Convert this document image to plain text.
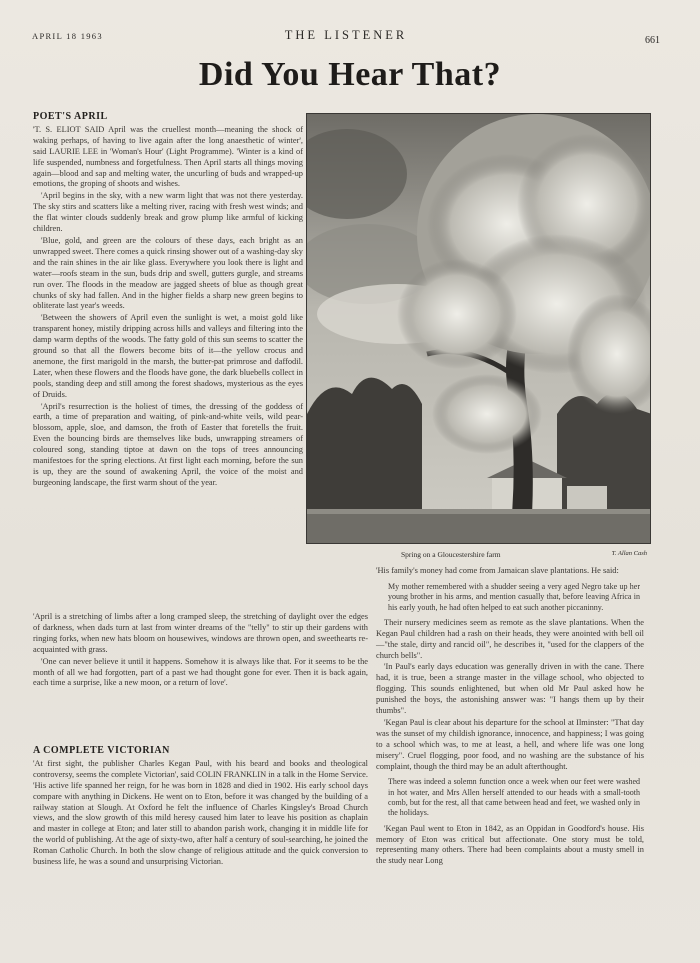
APRIL 18 1963	THE LISTENER	661
Did You Hear That?
POET'S APRIL

'T. S. ELIOT SAID April was the cruellest month—meaning the shock of waking perhaps, of having to live again after the long anaesthetic of winter', said LAURIE LEE in 'Woman's Hour' (Light Programme). 'Winter is a kind of life suspended, numbness and forgetfulness. Then April starts all things moving again—blood and sap and melting water, the uncurling of buds and wrapped-up emotions, the groping of shoots and wishes.

'April begins in the sky, with a new warm light that was not there yesterday. The sky stirs and scatters like a melting river, racing with fresh west winds; and the flat winter clouds suddenly break and grow plump like armful of kicking children.

'Blue, gold, and green are the colours of these days, each bright as an unwrapped sweet. There comes a quick rinsing shower out of a washing-day sky and the rain shines in the air like glass. Everywhere you look there is light and water—roofs steam in the sun, buds drip and swell, gutters gurgle, and streams run over. The floods in the meadow are jagged sheets of blue as though great chunks of sky had fallen. And in the higher fields a sharp new green begins to obliterate last year's weeds.

'Between the showers of April even the sunlight is wet, a moist gold like transparent honey, mistily dripping across hills and valleys and filtering into the damp warm depths of the woods. The fatty gold of this sun seems to scatter the ground so that all the flowers become bits of it—the yellow crocus and anemone, the first marigold in the marsh, the butter-pat primrose and daffodil. Later, when these flowers and the floods have gone, the dark bluebells collect in pools, standing deep and still among the forest shadows, mysterious as the eyes of Druids.

'April's resurrection is the holiest of times, the dressing of the goddess of earth, a time of preparation and waiting, of pink-and-white veils, wild pear-blossom, apple, sloe, and damson, the froth of Easter that foretells the fruit. Even the bouncing birds are themselves like buds, unwrapping streamers of coloured song, standing tiptoe at dawn on the tops of trees announcing manifestoes for the spring elections. At first light each morning, before the sun is up, they are the sound of awakening April, the voice of the moist and burgeoning landscape, the first warm shout of the year.

'April is a stretching of limbs after a long cramped sleep, the stretching of daylight over the edges of darkness, when dads turn at last from winter dreams of the "telly" to stir up their gardens with ringing forks, when new hats bloom on housewives, windows are thrown open, and sweethearts re-acquainted with grass.

'One can never believe it until it happens. Somehow it is always like that. For it seems to be the month of all we had forgotten, part of a past we had thought gone for ever. Then it is back again, each time a surprise, like a new moon, or a return of love'.

A COMPLETE VICTORIAN

'At first sight, the publisher Charles Kegan Paul, with his beard and books and theological controversy, seems the complete Victorian', said COLIN FRANKLIN in a talk in the Home Service. 'His active life spanned her reign, for he was born in 1828 and died in 1902. His early school days compare with anything in Dickens. He went on to Eton, before it was changed by the building of a railway station at Slough. At Oxford he felt the influence of Charles Kingsley's Broad Church views, and the slow growth of this mild heresy caused him later to leave his position as chaplain and master in college at Eton; and later still to abandon parish work, changing it in middle life for the world of publishing. At the age of sixty-two, after half a century of soul-searching, he joined the Roman Catholic Church. In both the slow change of religious attitude and the quick conversion to business life, he was a sound and unsurprising Victorian.

Spring on a Gloucestershire farm	T. Allan Cash

'His family's money had come from Jamaican slave plantations. He said:

My mother remembered with a shudder seeing a very aged Negro take up her young brother in his arms, and mention casually that, before leaving Africa in his early youth, he had often helped to eat such another piccaninny.

Their nursery medicines seem as remote as the slave plantations. When the Kegan Paul children had a rash on their heads, they were anointed with bell oil—"the stale, dirty and rancid oil", he describes it, "used for the clappers of the church bells".

'In Paul's early days education was generally driven in with the cane. There had, it is true, been a strange master in the village school, who objected to flogging. This sounds enlightened, but when old Mr Paul asked how he punished the boys, the astonishing answer was: "I hangs them up by their thumbs".

'Kegan Paul is clear about his departure for the school at Ilminster: "That day was the sunset of my childish ignorance, innocence, and happiness; I was going to a school which was, to me at least, a hell, and where life was one long misery". Cruel flogging, poor food, and no washing are the substance of his complaint, though the third may be an adult afterthought.

There was indeed a solemn function once a week when our feet were washed in hot water, and Mrs Allen herself attended to our heads with a small-tooth comb, but for the rest, all that came between head and feet, we washed only in the holidays.

'Kegan Paul went to Eton in 1842, as an Oppidan in Goodford's house. His memory of Eton was critical but affectionate. One story must be told, representing many others. There had been complaints about a musty smell in the study near Long
